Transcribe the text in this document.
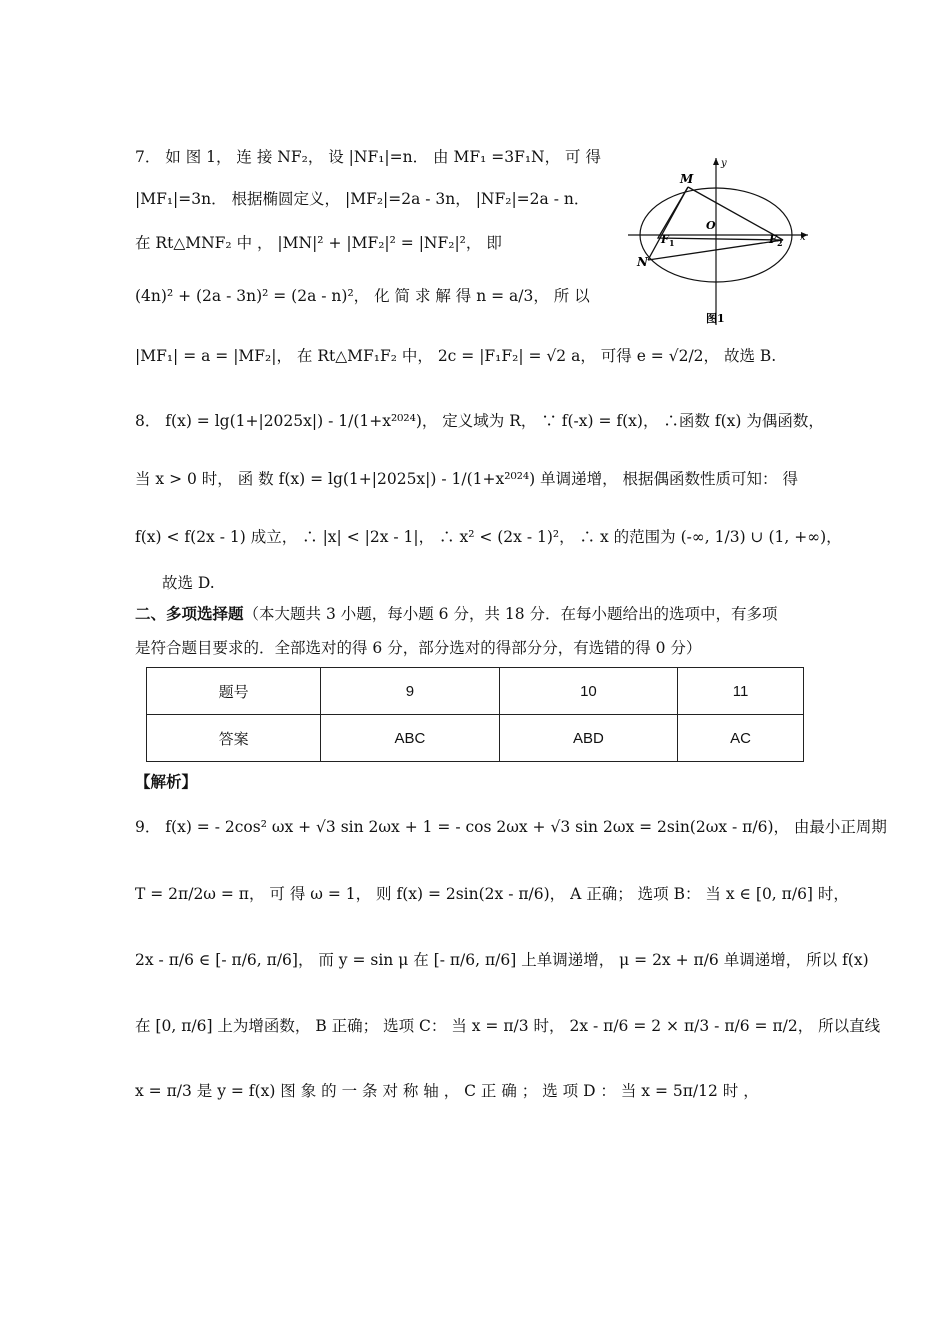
7． 如 图 1， 连 接 NF₂， 设 |NF₁|=n． 由 MF₁ =3F₁N， 可 得
|MF₁|=3n． 根据椭圆定义， |MF₂|=2a - 3n， |NF₂|=2a - n．
在 Rt△MNF₂ 中 ， |MN|² + |MF₂|² = |NF₂|²， 即
(4n)² + (2a - 3n)² = (2a - n)²， 化 简 求 解 得 n = a/3， 所 以
|MF₁| = a = |MF₂|， 在 Rt△MF₁F₂ 中， 2c = |F₁F₂| = √2 a， 可得 e = √2/2， 故选 B.
M
N
O
F 1	F 2 x
y
图1
8． f(x) = lg(1+|2025x|) - 1/(1+x²⁰²⁴)， 定义域为 R， ∵ f(-x) = f(x)， ∴函数 f(x) 为偶函数，
当 x > 0 时， 函 数 f(x) = lg(1+|2025x|) - 1/(1+x²⁰²⁴) 单调递增， 根据偶函数性质可知： 得
f(x) < f(2x - 1) 成立， ∴ |x| < |2x - 1|， ∴ x² < (2x - 1)²， ∴ x 的范围为 (-∞, 1/3) ∪ (1, +∞)，
故选 D.
二、多项选择题（本大题共 3 小题，每小题 6 分，共 18 分．在每小题给出的选项中，有多项
是符合题目要求的．全部选对的得 6 分，部分选对的得部分分，有选错的得 0 分）
题号	9	10	11
答案	ABC	ABD	AC
【解析】
9． f(x) = - 2cos² ωx + √3 sin 2ωx + 1 = - cos 2ωx + √3 sin 2ωx = 2sin(2ωx - π/6)， 由最小正周期
T = 2π/2ω = π， 可 得 ω = 1， 则 f(x) = 2sin(2x - π/6)， A 正确； 选项 B： 当 x ∈ [0, π/6] 时，
2x - π/6 ∈ [- π/6, π/6]， 而 y = sin μ 在 [- π/6, π/6] 上单调递增， μ = 2x + π/6 单调递增， 所以 f(x)
在 [0, π/6] 上为增函数， B 正确； 选项 C： 当 x = π/3 时， 2x - π/6 = 2 × π/3 - π/6 = π/2， 所以直线
x = π/3 是 y = f(x) 图 象 的 一 条 对 称 轴 ， C 正 确 ； 选 项 D ： 当 x = 5π/12 时 ，
